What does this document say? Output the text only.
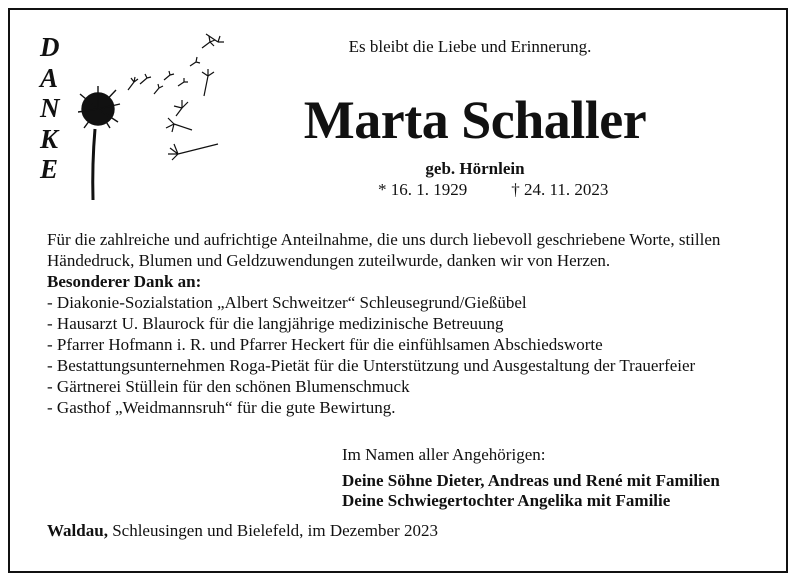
D
A
N
K
E
Es bleibt die Liebe und Erinnerung.
Marta Schaller
geb. Hörnlein
* 16. 1. 1929	† 24. 11. 2023

Für die zahlreiche und aufrichtige Anteilnahme, die uns durch liebevoll geschriebene Worte, stillen Händedruck, Blumen und Geldzuwendungen zuteilwurde, danken wir von Herzen.

Besonderer Dank an:

- Diakonie-Sozialstation „Albert Schweitzer“ Schleusegrund/Gießübel
- Hausarzt U. Blaurock für die langjährige medizinische Betreuung
- Pfarrer Hofmann i. R. und Pfarrer Heckert für die einfühlsamen Abschiedsworte
- Bestattungsunternehmen Roga-Pietät für die Unterstützung und Ausgestaltung der Trauerfeier
- Gärtnerei Stüllein für den schönen Blumenschmuck
- Gasthof „Weidmannsruh“ für die gute Bewirtung.
Im Namen aller Angehörigen:
Deine Söhne Dieter, Andreas und René mit Familien
Deine Schwiegertochter Angelika mit Familie
Waldau, Schleusingen und Bielefeld, im Dezember 2023
